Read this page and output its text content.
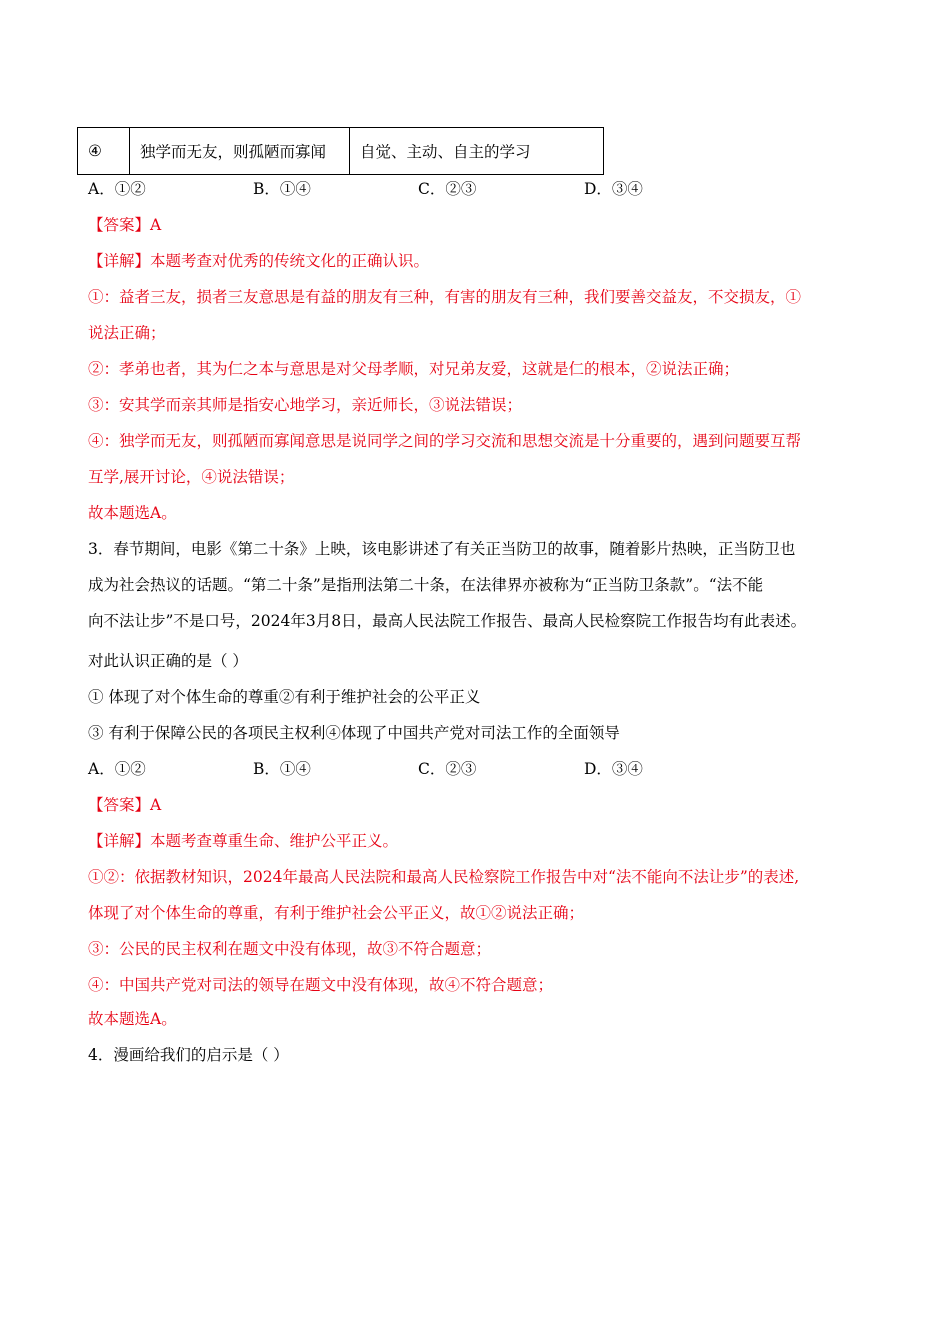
④	独学而无友，则孤陋而寡闻	自觉、主动、自主的学习
A．①②	B．①④	C．②③	D．③④
【答案】A
【详解】本题考查对优秀的传统文化的正确认识。
①：益者三友，损者三友意思是有益的朋友有三种，有害的朋友有三种，我们要善交益友，不交损友，①
说法正确；
②：孝弟也者，其为仁之本与意思是对父母孝顺，对兄弟友爱，这就是仁的根本，②说法正确；
③：安其学而亲其师是指安心地学习，亲近师长，③说法错误；
④：独学而无友，则孤陋而寡闻意思是说同学之间的学习交流和思想交流是十分重要的，遇到问题要互帮
互学,展开讨论，④说法错误；
故本题选A。
3．春节期间，电影《第二十条》上映，该电影讲述了有关正当防卫的故事，随着影片热映，正当防卫也
成为社会热议的话题。“第二十条”是指刑法第二十条，在法律界亦被称为“正当防卫条款”。“法不能
向不法让步”不是口号，2024年3月8日，最高人民法院工作报告、最高人民检察院工作报告均有此表述。
对此认识正确的是（ ）
① 体现了对个体生命的尊重②有利于维护社会的公平正义
③ 有利于保障公民的各项民主权利④体现了中国共产党对司法工作的全面领导
A．①②	B．①④	C．②③	D．③④
【答案】A
【详解】本题考查尊重生命、维护公平正义。
①②：依据教材知识，2024年最高人民法院和最高人民检察院工作报告中对“法不能向不法让步”的表述,
体现了对个体生命的尊重，有利于维护社会公平正义，故①②说法正确；
③：公民的民主权利在题文中没有体现，故③不符合题意；
④：中国共产党对司法的领导在题文中没有体现，故④不符合题意；
故本题选A。
4．漫画给我们的启示是（ ）
